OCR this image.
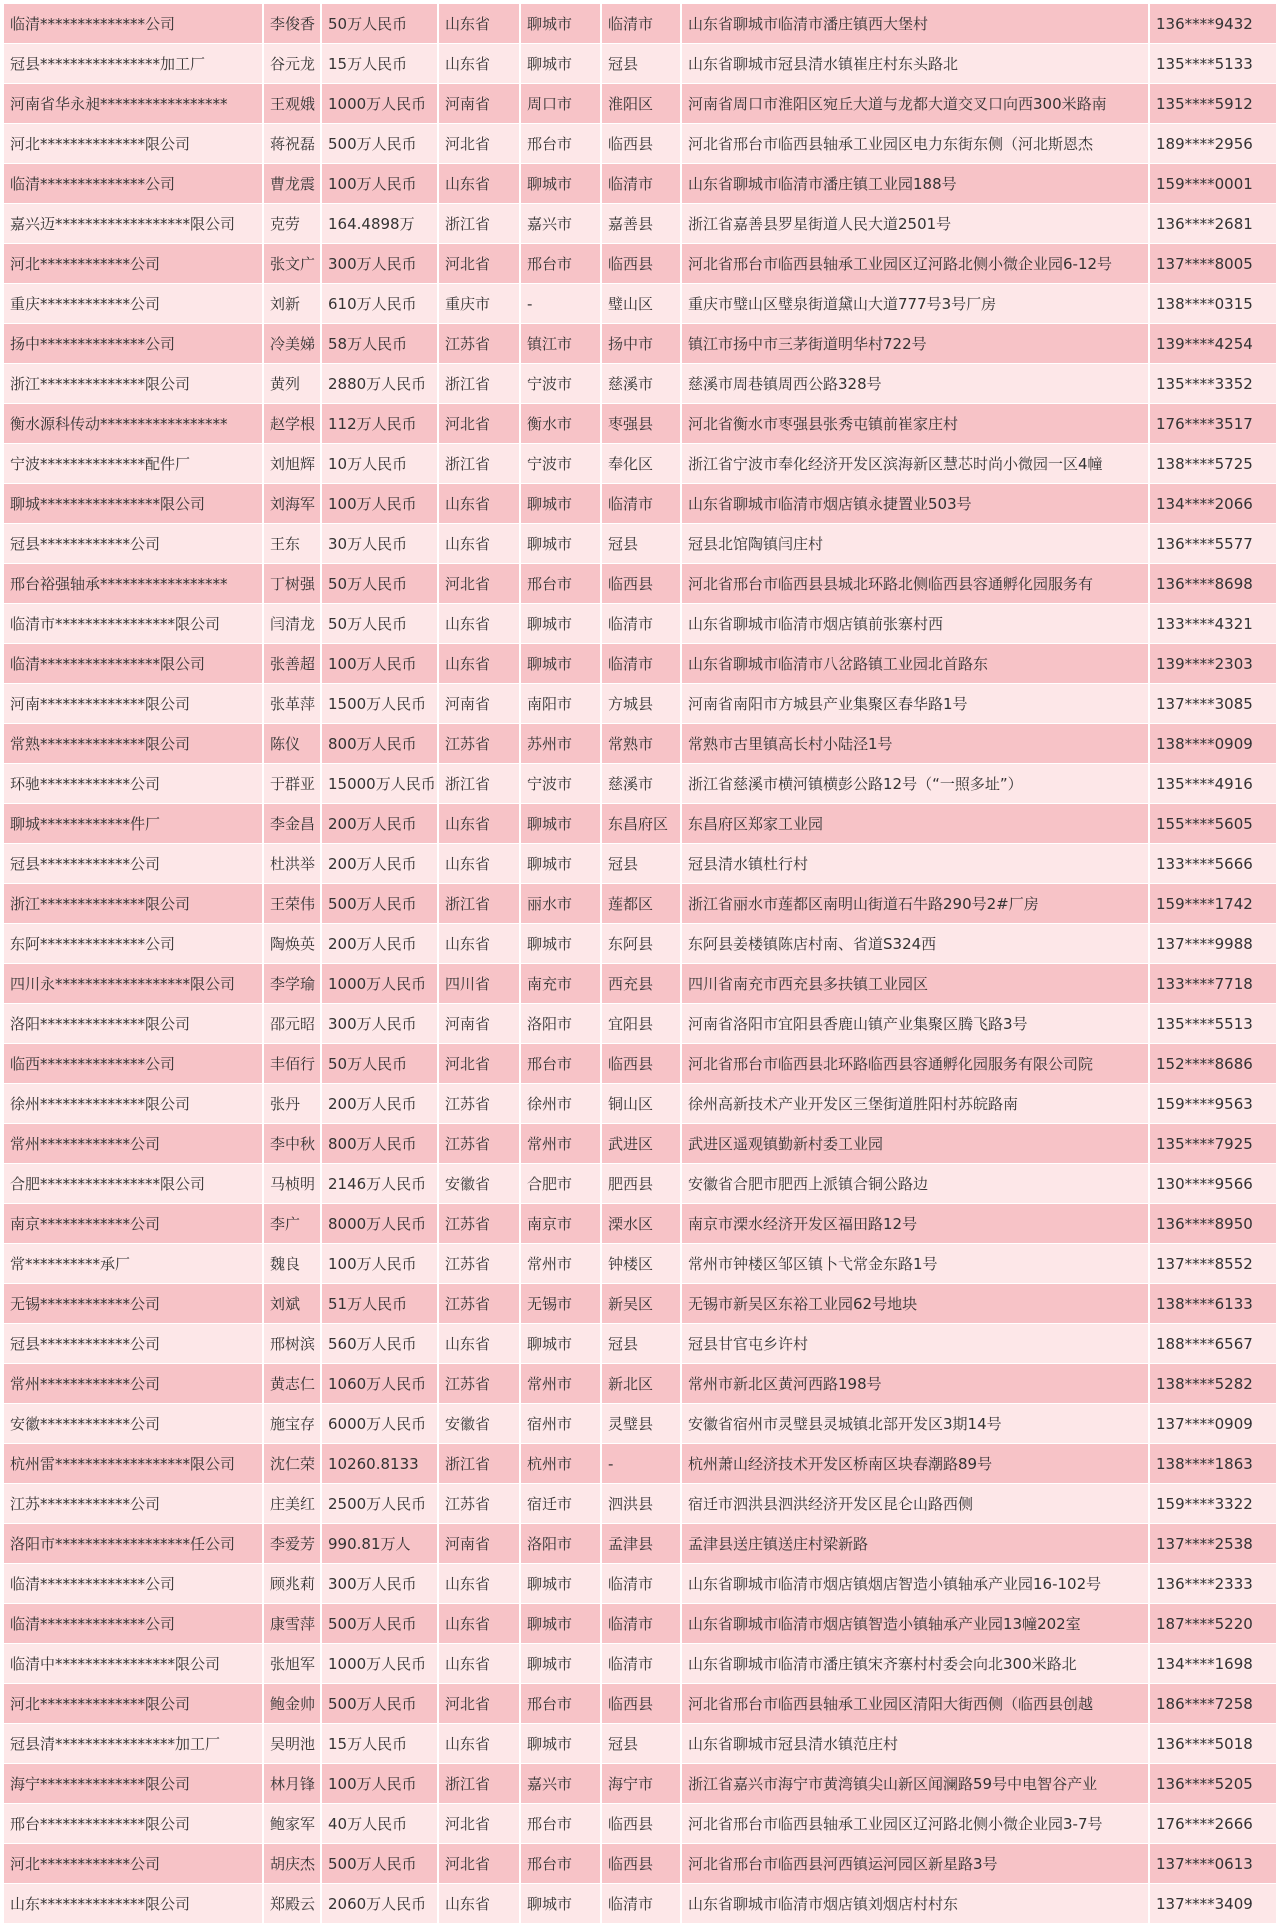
临清**************公司	李俊香	50万人民币	山东省	聊城市	临清市	山东省聊城市临清市潘庄镇西大堡村	136****9432
冠县****************加工厂	谷元龙	15万人民币	山东省	聊城市	冠县	山东省聊城市冠县清水镇崔庄村东头路北	135****5133
河南省华永昶*****************	王观娥	1000万人民币	河南省	周口市	淮阳区	河南省周口市淮阳区宛丘大道与龙都大道交叉口向西300米路南	135****5912
河北**************限公司	蒋祝磊	500万人民币	河北省	邢台市	临西县	河北省邢台市临西县轴承工业园区电力东街东侧（河北斯恩杰	189****2956
临清**************公司	曹龙震	100万人民币	山东省	聊城市	临清市	山东省聊城市临清市潘庄镇工业园188号	159****0001
嘉兴迈******************限公司	克劳	164.4898万	浙江省	嘉兴市	嘉善县	浙江省嘉善县罗星街道人民大道2501号	136****2681
河北************公司	张文广	300万人民币	河北省	邢台市	临西县	河北省邢台市临西县轴承工业园区辽河路北侧小微企业园6-12号	137****8005
重庆************公司	刘新	610万人民币	重庆市	-	璧山区	重庆市璧山区璧泉街道黛山大道777号3号厂房	138****0315
扬中**************公司	冷美娣	58万人民币	江苏省	镇江市	扬中市	镇江市扬中市三茅街道明华村722号	139****4254
浙江**************限公司	黄列	2880万人民币	浙江省	宁波市	慈溪市	慈溪市周巷镇周西公路328号	135****3352
衡水源科传动*****************	赵学根	112万人民币	河北省	衡水市	枣强县	河北省衡水市枣强县张秀屯镇前崔家庄村	176****3517
宁波**************配件厂	刘旭辉	10万人民币	浙江省	宁波市	奉化区	浙江省宁波市奉化经济开发区滨海新区慧芯时尚小微园一区4幢	138****5725
聊城****************限公司	刘海军	100万人民币	山东省	聊城市	临清市	山东省聊城市临清市烟店镇永捷置业503号	134****2066
冠县************公司	王东	30万人民币	山东省	聊城市	冠县	冠县北馆陶镇闫庄村	136****5577
邢台裕强轴承*****************	丁树强	50万人民币	河北省	邢台市	临西县	河北省邢台市临西县县城北环路北侧临西县容通孵化园服务有	136****8698
临清市****************限公司	闫清龙	50万人民币	山东省	聊城市	临清市	山东省聊城市临清市烟店镇前张寨村西	133****4321
临清****************限公司	张善超	100万人民币	山东省	聊城市	临清市	山东省聊城市临清市八岔路镇工业园北首路东	139****2303
河南**************限公司	张革萍	1500万人民币	河南省	南阳市	方城县	河南省南阳市方城县产业集聚区春华路1号	137****3085
常熟**************限公司	陈仪	800万人民币	江苏省	苏州市	常熟市	常熟市古里镇高长村小陆泾1号	138****0909
环驰************公司	于群亚	15000万人民币	浙江省	宁波市	慈溪市	浙江省慈溪市横河镇横彭公路12号（“一照多址”）	135****4916
聊城************件厂	李金昌	200万人民币	山东省	聊城市	东昌府区	东昌府区郑家工业园	155****5605
冠县************公司	杜洪举	200万人民币	山东省	聊城市	冠县	冠县清水镇杜行村	133****5666
浙江**************限公司	王荣伟	500万人民币	浙江省	丽水市	莲都区	浙江省丽水市莲都区南明山街道石牛路290号2#厂房	159****1742
东阿**************公司	陶焕英	200万人民币	山东省	聊城市	东阿县	东阿县姜楼镇陈店村南、省道S324西	137****9988
四川永******************限公司	李学瑜	1000万人民币	四川省	南充市	西充县	四川省南充市西充县多扶镇工业园区	133****7718
洛阳**************限公司	邵元昭	300万人民币	河南省	洛阳市	宜阳县	河南省洛阳市宜阳县香鹿山镇产业集聚区腾飞路3号	135****5513
临西**************公司	丰佰行	50万人民币	河北省	邢台市	临西县	河北省邢台市临西县北环路临西县容通孵化园服务有限公司院	152****8686
徐州**************限公司	张丹	200万人民币	江苏省	徐州市	铜山区	徐州高新技术产业开发区三堡街道胜阳村苏皖路南	159****9563
常州************公司	李中秋	800万人民币	江苏省	常州市	武进区	武进区遥观镇勤新村委工业园	135****7925
合肥****************限公司	马桢明	2146万人民币	安徽省	合肥市	肥西县	安徽省合肥市肥西上派镇合铜公路边	130****9566
南京************公司	李广	8000万人民币	江苏省	南京市	溧水区	南京市溧水经济开发区福田路12号	136****8950
常**********承厂	魏良	100万人民币	江苏省	常州市	钟楼区	常州市钟楼区邹区镇卜弋常金东路1号	137****8552
无锡************公司	刘斌	51万人民币	江苏省	无锡市	新吴区	无锡市新吴区东裕工业园62号地块	138****6133
冠县************公司	邢树滨	560万人民币	山东省	聊城市	冠县	冠县甘官屯乡许村	188****6567
常州************公司	黄志仁	1060万人民币	江苏省	常州市	新北区	常州市新北区黄河西路198号	138****5282
安徽************公司	施宝存	6000万人民币	安徽省	宿州市	灵璧县	安徽省宿州市灵璧县灵城镇北部开发区3期14号	137****0909
杭州雷******************限公司	沈仁荣	10260.8133	浙江省	杭州市	-	杭州萧山经济技术开发区桥南区块春潮路89号	138****1863
江苏************公司	庄美红	2500万人民币	江苏省	宿迁市	泗洪县	宿迁市泗洪县泗洪经济开发区昆仑山路西侧	159****3322
洛阳市******************任公司	李爱芳	990.81万人	河南省	洛阳市	孟津县	孟津县送庄镇送庄村梁新路	137****2538
临清**************公司	顾兆莉	300万人民币	山东省	聊城市	临清市	山东省聊城市临清市烟店镇烟店智造小镇轴承产业园16-102号	136****2333
临清**************公司	康雪萍	500万人民币	山东省	聊城市	临清市	山东省聊城市临清市烟店镇智造小镇轴承产业园13幢202室	187****5220
临清中****************限公司	张旭军	1000万人民币	山东省	聊城市	临清市	山东省聊城市临清市潘庄镇宋齐寨村村委会向北300米路北	134****1698
河北**************限公司	鲍金帅	500万人民币	河北省	邢台市	临西县	河北省邢台市临西县轴承工业园区清阳大街西侧（临西县创越	186****7258
冠县清****************加工厂	吴明池	15万人民币	山东省	聊城市	冠县	山东省聊城市冠县清水镇范庄村	136****5018
海宁**************限公司	林月锋	100万人民币	浙江省	嘉兴市	海宁市	浙江省嘉兴市海宁市黄湾镇尖山新区闻澜路59号中电智谷产业	136****5205
邢台**************限公司	鲍家军	40万人民币	河北省	邢台市	临西县	河北省邢台市临西县轴承工业园区辽河路北侧小微企业园3-7号	176****2666
河北************公司	胡庆杰	500万人民币	河北省	邢台市	临西县	河北省邢台市临西县河西镇运河园区新星路3号	137****0613
山东**************限公司	郑殿云	2060万人民币	山东省	聊城市	临清市	山东省聊城市临清市烟店镇刘烟店村村东	137****3409
